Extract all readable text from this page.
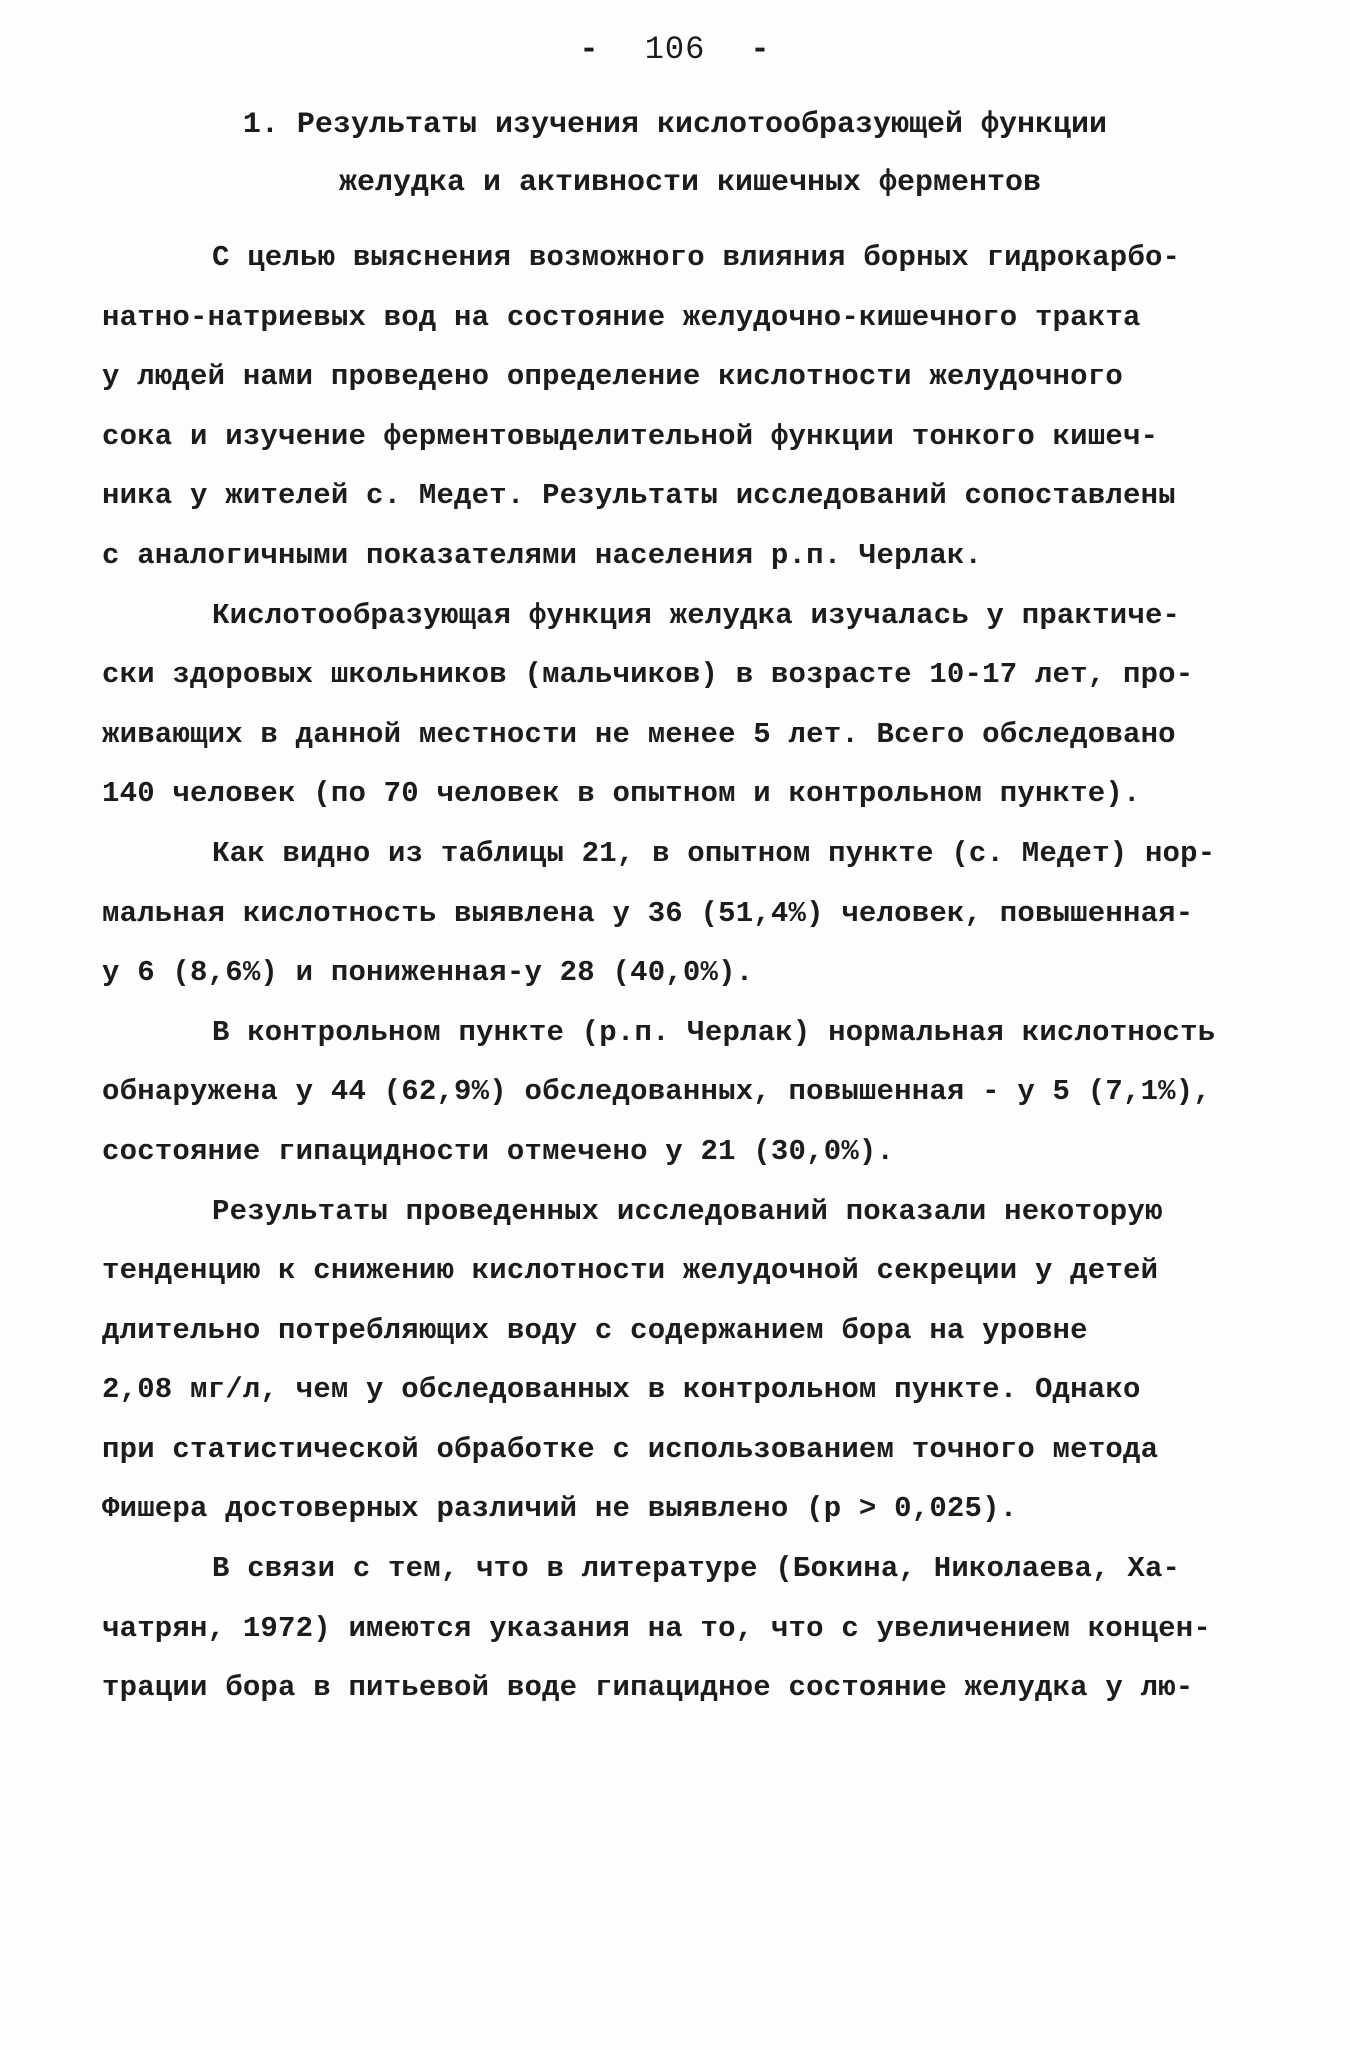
- 106 -
1. Результаты изучения кислотообразующей функции
желудка и активности кишечных ферментов
С целью выяснения возможного влияния борных гидрокарбо-
натно-натриевых вод на состояние желудочно-кишечного тракта
у людей нами проведено определение кислотности желудочного
сока и изучение ферментовыделительной функции тонкого кишеч-
ника у жителей с. Медет. Результаты исследований сопоставлены
с аналогичными показателями населения р.п. Черлак.
Кислотообразующая функция желудка изучалась у практиче-
ски здоровых школьников (мальчиков) в возрасте 10-17 лет, про-
живающих в данной местности не менее 5 лет. Всего обследовано
140 человек (по 70 человек в опытном и контрольном пункте).
Как видно из таблицы 21, в опытном пункте (с. Медет) нор-
мальная кислотность выявлена у 36 (51,4%) человек, повышенная-
у 6 (8,6%) и пониженная-у 28 (40,0%).
В контрольном пункте (р.п. Черлак) нормальная кислотность
обнаружена у 44 (62,9%) обследованных, повышенная - у 5 (7,1%),
состояние гипацидности отмечено у 21 (30,0%).
Результаты проведенных исследований показали некоторую
тенденцию к снижению кислотности желудочной секреции у детей
длительно потребляющих воду с содержанием бора на уровне
2,08 мг/л, чем у обследованных в контрольном пункте. Однако
при статистической обработке с использованием точного метода
Фишера достоверных различий не выявлено (р > 0,025).
В связи с тем, что в литературе (Бокина, Николаева, Ха-
чатрян, 1972) имеются указания на то, что с увеличением концен-
трации бора в питьевой воде гипацидное состояние желудка у лю-
